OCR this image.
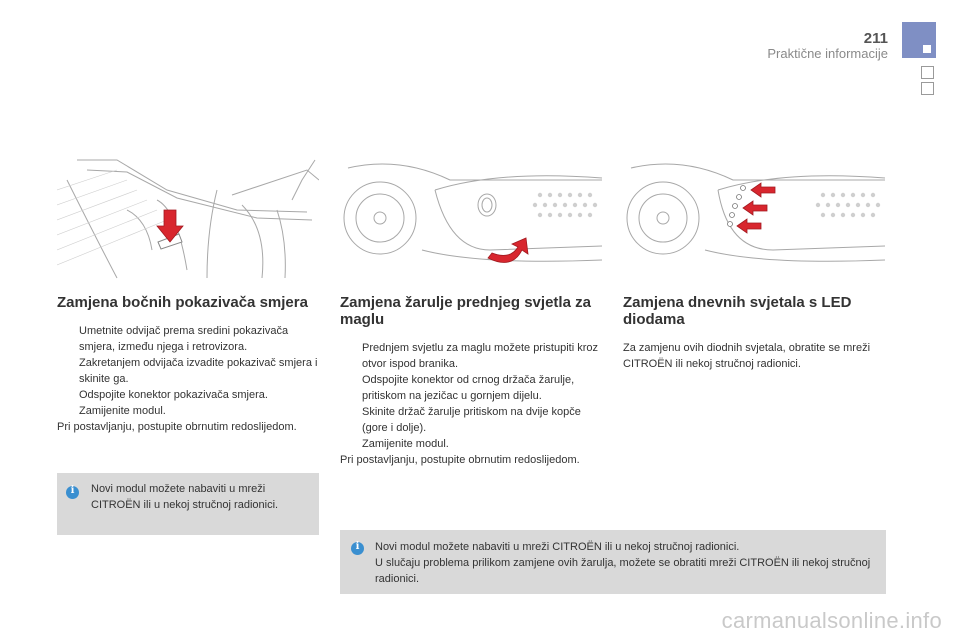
211
Praktične informacije
Zamjena bočnih pokazivača smjera
Umetnite odvijač prema sredini pokazivača smjera, između njega i retrovizora.
Zakretanjem odvijača izvadite pokazivač smjera i skinite ga.
Odspojite konektor pokazivača smjera.
Zamijenite modul.

Pri postavljanju, postupite obrnutim redoslijedom.

Zamjena žarulje prednjeg svjetla za maglu
Prednjem svjetlu za maglu možete pristupiti kroz otvor ispod branika.
Odspojite konektor od crnog držača žarulje, pritiskom na jezičac u gornjem dijelu.
Skinite držač žarulje pritiskom na dvije kopče (gore i dolje).
Zamijenite modul.

Pri postavljanju, postupite obrnutim redoslijedom.

Zamjena dnevnih svjetala s LED diodama

Za zamjenu ovih diodnih svjetala, obratite se mreži CITROËN ili nekoj stručnoj radionici.

i
Novi modul možete nabaviti u mreži CITROËN ili u nekoj stručnoj radionici.
i
Novi modul možete nabaviti u mreži CITROËN ili u nekoj stručnoj radionici.
U slučaju problema prilikom zamjene ovih žarulja, možete se obratiti mreži CITROËN ili nekoj stručnoj radionici.
carmanualsonline.info
